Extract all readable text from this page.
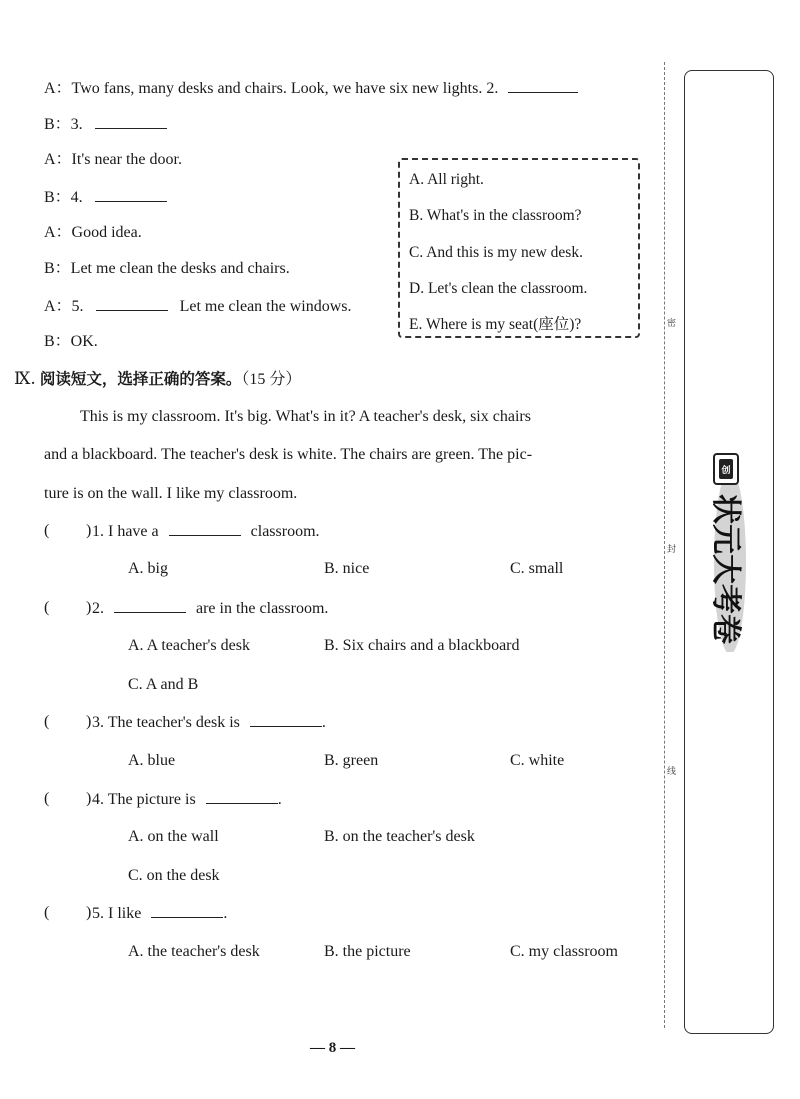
A：Two fans, many desks and chairs. Look, we have six new lights. 2.
B：3.
A：It's near the door.
B：4.
A：Good idea.
B：Let me clean the desks and chairs.
A：5.	Let me clean the windows.
B：OK.
A. All right.
B. What's in the classroom?
C. And this is my new desk.
D. Let's clean the classroom.
E. Where is my seat(座位)?
Ⅸ. 阅读短文，选择正确的答案。（15 分）
This is my classroom. It's big. What's in it? A teacher's desk, six chairs
and a blackboard. The teacher's desk is white. The chairs are green. The pic-
ture is on the wall. I like my classroom.
( ) 1. I have a	classroom.
A. big	B. nice	C. small
( ) 2.	are in the classroom.
A. A teacher's desk	B. Six chairs and a blackboard
C. A and B
( ) 3. The teacher's desk is	.
A. blue	B. green	C. white
( ) 4. The picture is	.
A. on the wall	B. on the teacher's desk
C. on the desk
( ) 5. I like	.
A. the teacher's desk	B. the picture	C. my classroom
密
封
线
创
状元大考卷
— 8 —
